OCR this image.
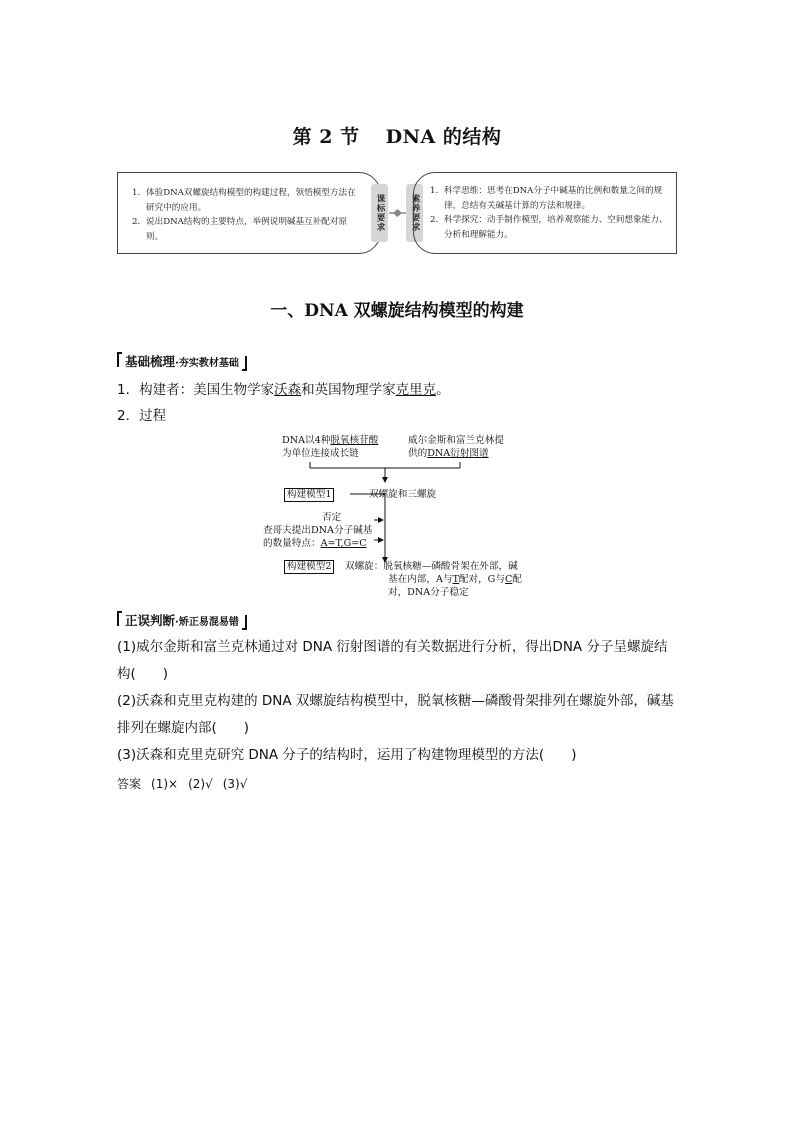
第 2 节 DNA 的结构
1. 体验DNA双螺旋结构模型的构建过程，领悟模型方法在研究中的应用。
2. 说出DNA结构的主要特点，举例说明碱基互补配对原则。
课标要求	素养要求
1. 科学思维：思考在DNA分子中碱基的比例和数量之间的规律，总结有关碱基计算的方法和规律。
2. 科学探究：动手制作模型，培养观察能力、空间想象能力、分析和理解能力。
一、DNA 双螺旋结构模型的构建
基础梳理 ·夯实教材基础
1．构建者：美国生物学家沃森和英国物理学家克里克。
2．过程
DNA以4种脱氧核苷酸
为单位连接成长链
威尔金斯和富兰克林提
供的DNA衍射图谱
构建模型1	双螺旋和三螺旋
否定
查哥夫提出DNA分子碱基
的数量特点：A=T,G=C
构建模型2	双螺旋：脱氧核糖—磷酸骨架在外部，碱
基在内部，A与T配对，G与C配
对，DNA分子稳定
正误判断 ·矫正易混易错
(1)威尔金斯和富兰克林通过对 DNA 衍射图谱的有关数据进行分析，得出DNA 分子呈螺旋结构(　　)
(2)沃森和克里克构建的 DNA 双螺旋结构模型中，脱氧核糖—磷酸骨架排列在螺旋外部，碱基排列在螺旋内部(　　)
(3)沃森和克里克研究 DNA 分子的结构时，运用了构建物理模型的方法(　　)
答案 (1)× (2)√ (3)√
